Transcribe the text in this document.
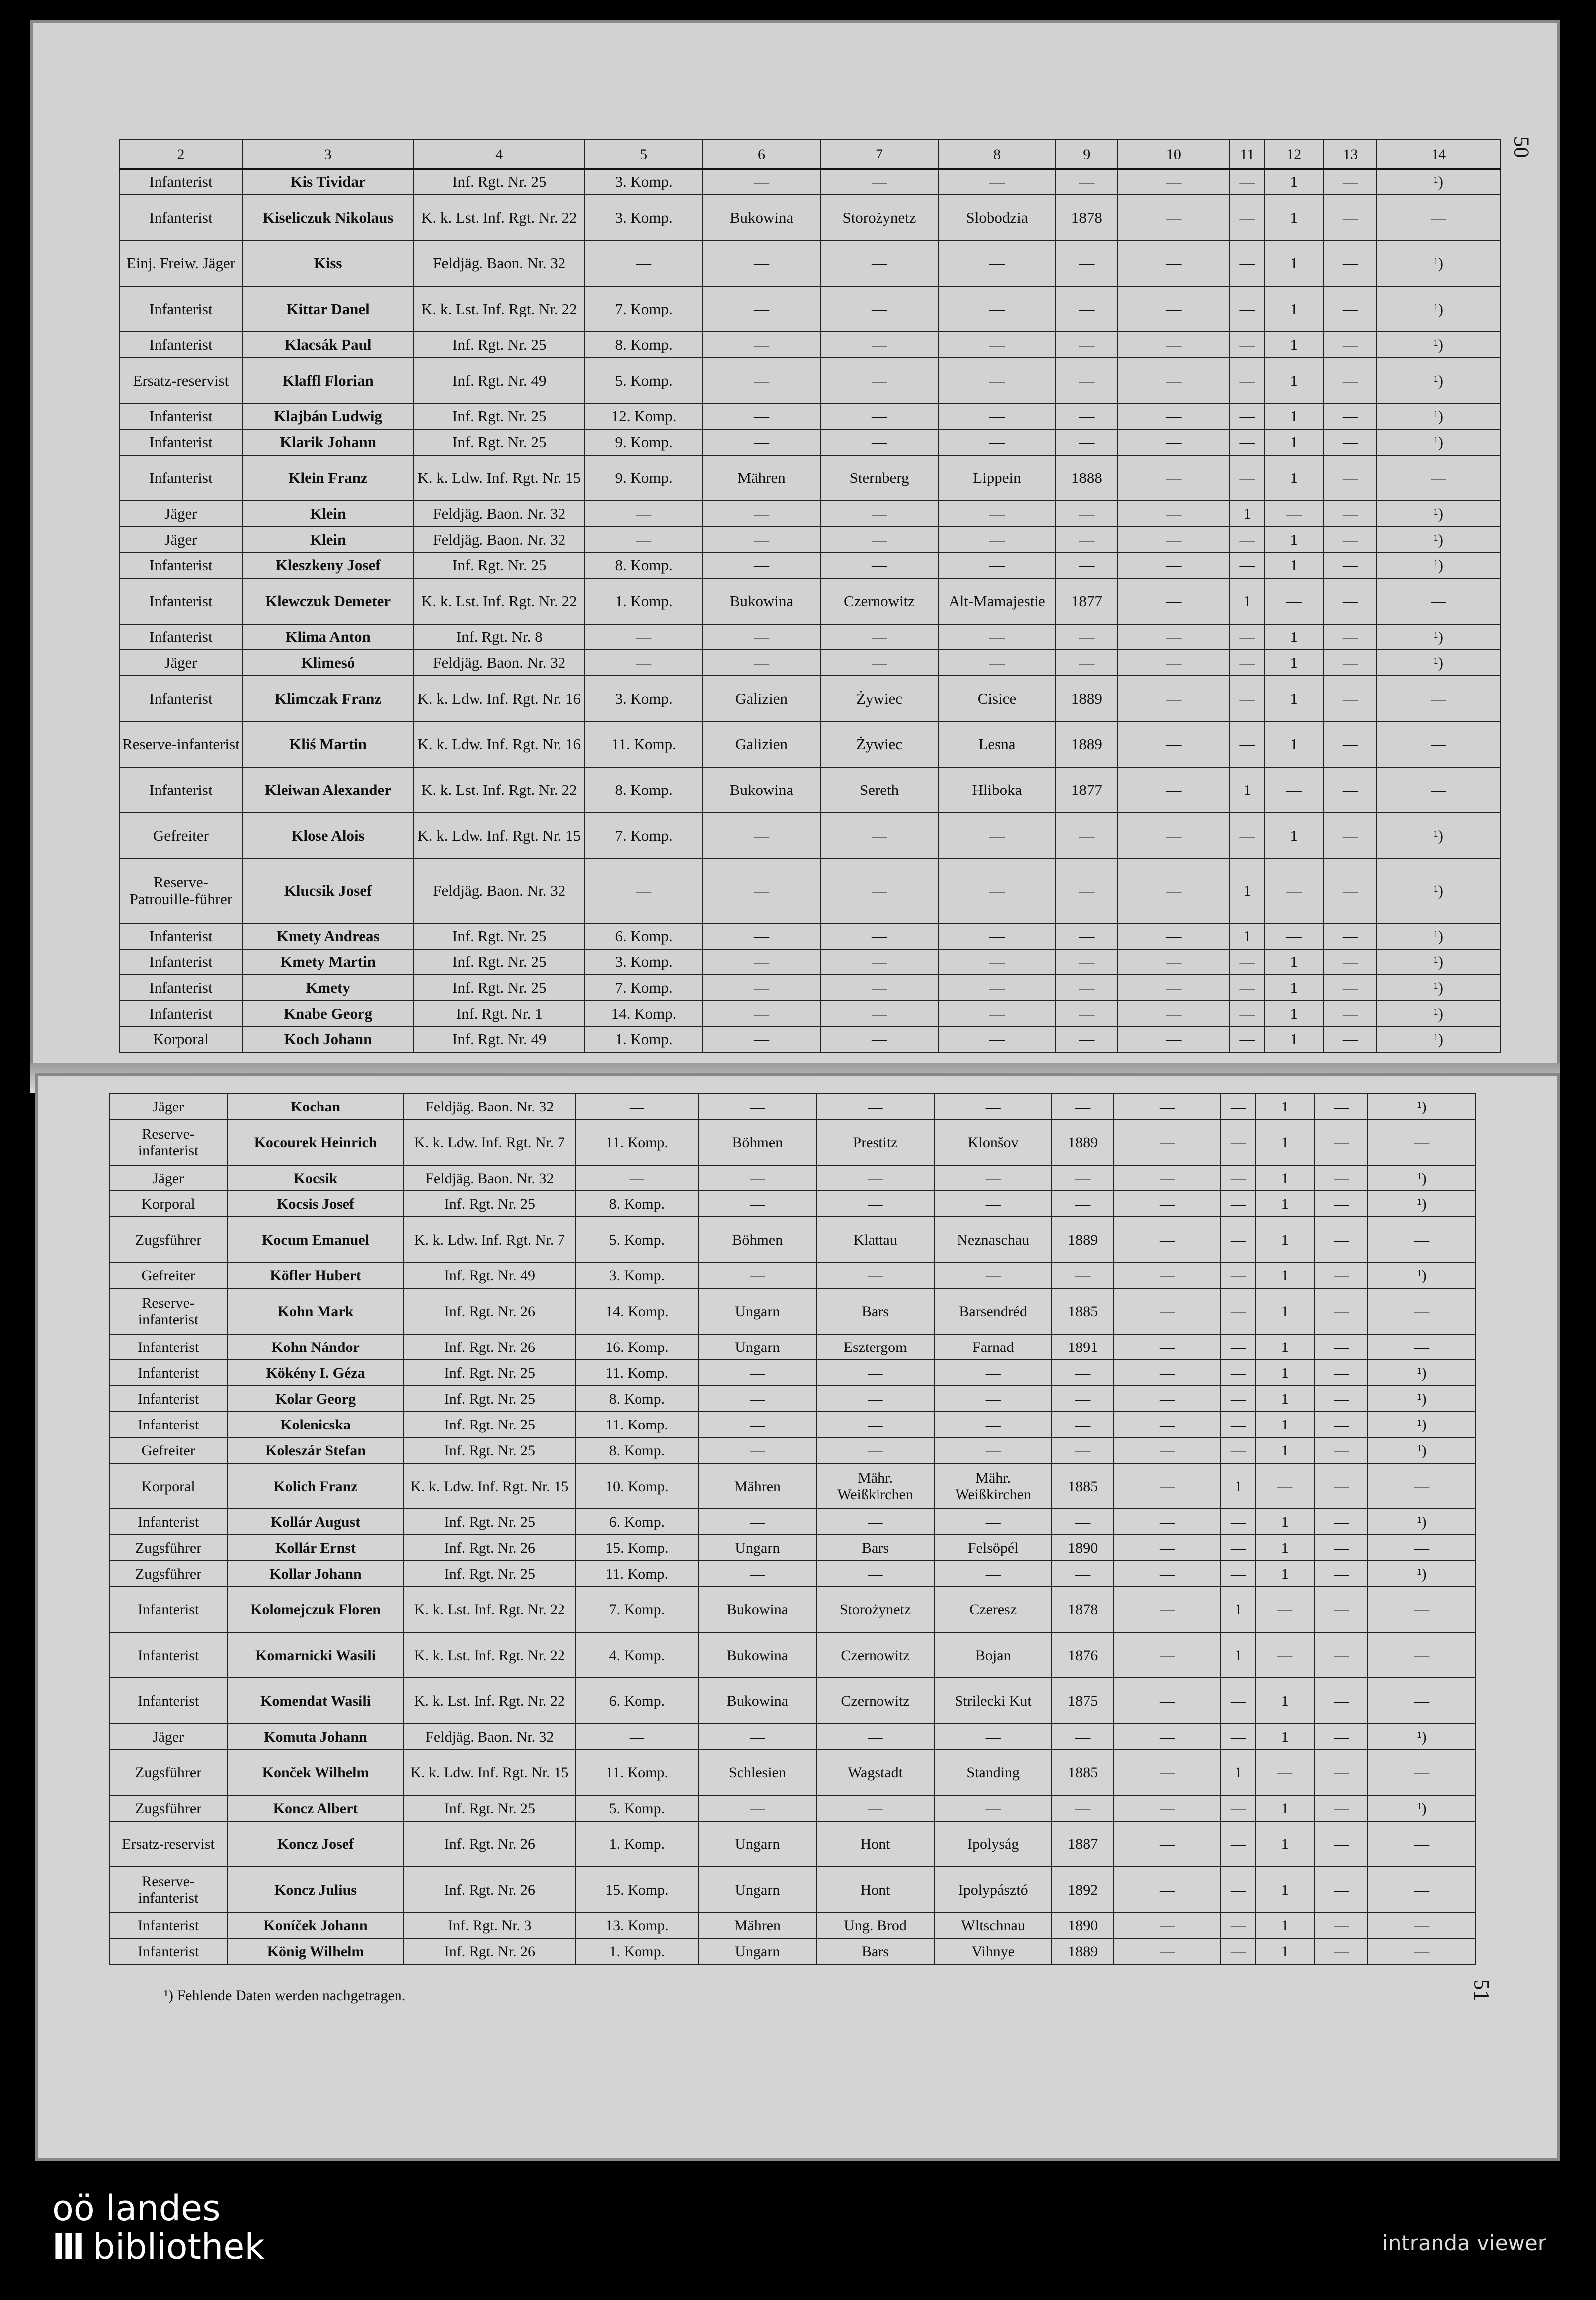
50
51
	2	3	4	5	6	7	8	9	10	11	12	13	14
	Infanterist	Kis Tividar	Inf. Rgt. Nr. 25	3. Komp.	—	—	—	—	—	—	1	—	¹)
	Infanterist	Kiseliczuk Nikolaus	K. k. Lst. Inf. Rgt. Nr. 22	3. Komp.	Bukowina	Storożynetz	Slobodzia	1878	—	—	1	—	—
	Einj. Freiw. Jäger	Kiss	Feldjäg. Baon. Nr. 32	—	—	—	—	—	—	—	1	—	¹)
	Infanterist	Kittar Danel	K. k. Lst. Inf. Rgt. Nr. 22	7. Komp.	—	—	—	—	—	—	1	—	¹)
	Infanterist	Klacsák Paul	Inf. Rgt. Nr. 25	8. Komp.	—	—	—	—	—	—	1	—	¹)
	Ersatz-reservist	Klaffl Florian	Inf. Rgt. Nr. 49	5. Komp.	—	—	—	—	—	—	1	—	¹)
	Infanterist	Klajbán Ludwig	Inf. Rgt. Nr. 25	12. Komp.	—	—	—	—	—	—	1	—	¹)
	Infanterist	Klarik Johann	Inf. Rgt. Nr. 25	9. Komp.	—	—	—	—	—	—	1	—	¹)
	Infanterist	Klein Franz	K. k. Ldw. Inf. Rgt. Nr. 15	9. Komp.	Mähren	Sternberg	Lippein	1888	—	—	1	—	—
	Jäger	Klein	Feldjäg. Baon. Nr. 32	—	—	—	—	—	—	1	—	—	¹)
	Jäger	Klein	Feldjäg. Baon. Nr. 32	—	—	—	—	—	—	—	1	—	¹)
	Infanterist	Kleszkeny Josef	Inf. Rgt. Nr. 25	8. Komp.	—	—	—	—	—	—	1	—	¹)
	Infanterist	Klewczuk Demeter	K. k. Lst. Inf. Rgt. Nr. 22	1. Komp.	Bukowina	Czernowitz	Alt-Mamajestie	1877	—	1	—	—	—
	Infanterist	Klima Anton	Inf. Rgt. Nr. 8	—	—	—	—	—	—	—	1	—	¹)
	Jäger	Klimesó	Feldjäg. Baon. Nr. 32	—	—	—	—	—	—	—	1	—	¹)
	Infanterist	Klimczak Franz	K. k. Ldw. Inf. Rgt. Nr. 16	3. Komp.	Galizien	Żywiec	Cisice	1889	—	—	1	—	—
	Reserve-infanterist	Kliś Martin	K. k. Ldw. Inf. Rgt. Nr. 16	11. Komp.	Galizien	Żywiec	Lesna	1889	—	—	1	—	—
	Infanterist	Kleiwan Alexander	K. k. Lst. Inf. Rgt. Nr. 22	8. Komp.	Bukowina	Sereth	Hliboka	1877	—	1	—	—	—
	Gefreiter	Klose Alois	K. k. Ldw. Inf. Rgt. Nr. 15	7. Komp.	—	—	—	—	—	—	1	—	¹)
	Reserve-Patrouille-führer	Klucsik Josef	Feldjäg. Baon. Nr. 32	—	—	—	—	—	—	1	—	—	¹)
	Infanterist	Kmety Andreas	Inf. Rgt. Nr. 25	6. Komp.	—	—	—	—	—	1	—	—	¹)
	Infanterist	Kmety Martin	Inf. Rgt. Nr. 25	3. Komp.	—	—	—	—	—	—	1	—	¹)
	Infanterist	Kmety	Inf. Rgt. Nr. 25	7. Komp.	—	—	—	—	—	—	1	—	¹)
	Infanterist	Knabe Georg	Inf. Rgt. Nr. 1	14. Komp.	—	—	—	—	—	—	1	—	¹)
	Korporal	Koch Johann	Inf. Rgt. Nr. 49	1. Komp.	—	—	—	—	—	—	1	—	¹)
	Jäger	Kochan	Feldjäg. Baon. Nr. 32	—	—	—	—	—	—	—	1	—	¹)
	Reserve-infanterist	Kocourek Heinrich	K. k. Ldw. Inf. Rgt. Nr. 7	11. Komp.	Böhmen	Prestitz	Klonšov	1889	—	—	1	—	—
	Jäger	Kocsik	Feldjäg. Baon. Nr. 32	—	—	—	—	—	—	—	1	—	¹)
	Korporal	Kocsis Josef	Inf. Rgt. Nr. 25	8. Komp.	—	—	—	—	—	—	1	—	¹)
	Zugsführer	Kocum Emanuel	K. k. Ldw. Inf. Rgt. Nr. 7	5. Komp.	Böhmen	Klattau	Neznaschau	1889	—	—	1	—	—
	Gefreiter	Köfler Hubert	Inf. Rgt. Nr. 49	3. Komp.	—	—	—	—	—	—	1	—	¹)
	Reserve-infanterist	Kohn Mark	Inf. Rgt. Nr. 26	14. Komp.	Ungarn	Bars	Barsendréd	1885	—	—	1	—	—
	Infanterist	Kohn Nándor	Inf. Rgt. Nr. 26	16. Komp.	Ungarn	Esztergom	Farnad	1891	—	—	1	—	—
	Infanterist	Kökény I. Géza	Inf. Rgt. Nr. 25	11. Komp.	—	—	—	—	—	—	1	—	¹)
	Infanterist	Kolar Georg	Inf. Rgt. Nr. 25	8. Komp.	—	—	—	—	—	—	1	—	¹)
	Infanterist	Kolenicska	Inf. Rgt. Nr. 25	11. Komp.	—	—	—	—	—	—	1	—	¹)
	Gefreiter	Koleszár Stefan	Inf. Rgt. Nr. 25	8. Komp.	—	—	—	—	—	—	1	—	¹)
	Korporal	Kolich Franz	K. k. Ldw. Inf. Rgt. Nr. 15	10. Komp.	Mähren	Mähr. Weißkirchen	Mähr. Weißkirchen	1885	—	1	—	—	—
	Infanterist	Kollár August	Inf. Rgt. Nr. 25	6. Komp.	—	—	—	—	—	—	1	—	¹)
	Zugsführer	Kollár Ernst	Inf. Rgt. Nr. 26	15. Komp.	Ungarn	Bars	Felsöpél	1890	—	—	1	—	—
	Zugsführer	Kollar Johann	Inf. Rgt. Nr. 25	11. Komp.	—	—	—	—	—	—	1	—	¹)
	Infanterist	Kolomejczuk Floren	K. k. Lst. Inf. Rgt. Nr. 22	7. Komp.	Bukowina	Storożynetz	Czeresz	1878	—	1	—	—	—
	Infanterist	Komarnicki Wasili	K. k. Lst. Inf. Rgt. Nr. 22	4. Komp.	Bukowina	Czernowitz	Bojan	1876	—	1	—	—	—
	Infanterist	Komendat Wasili	K. k. Lst. Inf. Rgt. Nr. 22	6. Komp.	Bukowina	Czernowitz	Strilecki Kut	1875	—	—	1	—	—
	Jäger	Komuta Johann	Feldjäg. Baon. Nr. 32	—	—	—	—	—	—	—	1	—	¹)
	Zugsführer	Konček Wilhelm	K. k. Ldw. Inf. Rgt. Nr. 15	11. Komp.	Schlesien	Wagstadt	Standing	1885	—	1	—	—	—
	Zugsführer	Koncz Albert	Inf. Rgt. Nr. 25	5. Komp.	—	—	—	—	—	—	1	—	¹)
	Ersatz-reservist	Koncz Josef	Inf. Rgt. Nr. 26	1. Komp.	Ungarn	Hont	Ipolyság	1887	—	—	1	—	—
	Reserve-infanterist	Koncz Julius	Inf. Rgt. Nr. 26	15. Komp.	Ungarn	Hont	Ipolypásztó	1892	—	—	1	—	—
	Infanterist	Koníček Johann	Inf. Rgt. Nr. 3	13. Komp.	Mähren	Ung. Brod	Wltschnau	1890	—	—	1	—	—
	Infanterist	König Wilhelm	Inf. Rgt. Nr. 26	1. Komp.	Ungarn	Bars	Vihnye	1889	—	—	1	—	—
¹) Fehlende Daten werden nachgetragen.
oö landes
III bibliothek	intranda viewer
